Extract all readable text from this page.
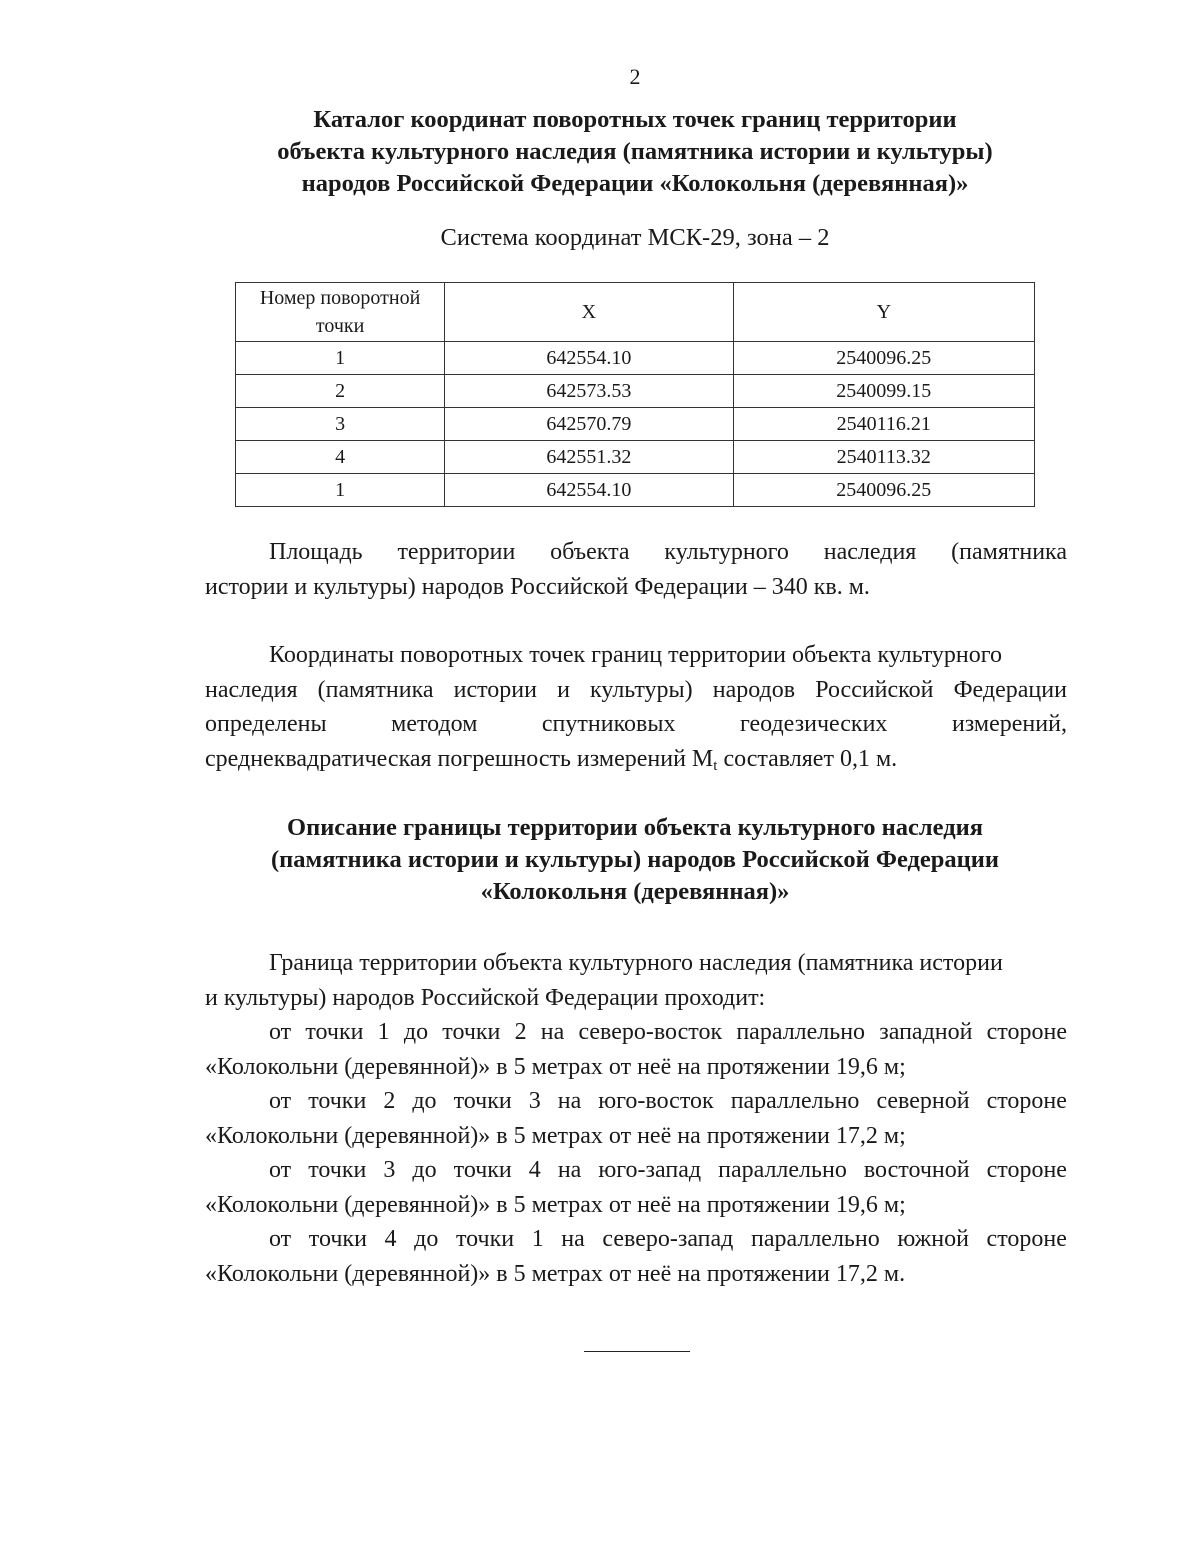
2
Каталог координат поворотных точек границ территории
объекта культурного наследия (памятника истории и культуры)
народов Российской Федерации «Колокольня (деревянная)»
Система координат МСК-29, зона – 2
Номер поворотной
точки	X	Y
1	642554.10	2540096.25
2	642573.53	2540099.15
3	642570.79	2540116.21
4	642551.32	2540113.32
1	642554.10	2540096.25
Площадь территории объекта культурного наследия (памятника
истории и культуры) народов Российской Федерации – 340 кв. м.
Координаты поворотных точек границ территории объекта культурного
наследия (памятника истории и культуры) народов Российской Федерации
определены	методом	спутниковых	геодезических	измерений,
среднеквадратическая погрешность измерений $M_t$ составляет 0,1 м.
Описание границы территории объекта культурного наследия
(памятника истории и культуры) народов Российской Федерации
«Колокольня (деревянная)»
Граница территории объекта культурного наследия (памятника истории
и культуры) народов Российской Федерации проходит:
от точки 1 до точки 2 на северо-восток параллельно западной стороне
«Колокольни (деревянной)» в 5 метрах от неё на протяжении 19,6 м;
от точки 2 до точки 3 на юго-восток параллельно северной стороне
«Колокольни (деревянной)» в 5 метрах от неё на протяжении 17,2 м;
от точки 3 до точки 4 на юго-запад параллельно восточной стороне
«Колокольни (деревянной)» в 5 метрах от неё на протяжении 19,6 м;
от точки 4 до точки 1 на северо-запад параллельно южной стороне
«Колокольни (деревянной)» в 5 метрах от неё на протяжении 17,2 м.
